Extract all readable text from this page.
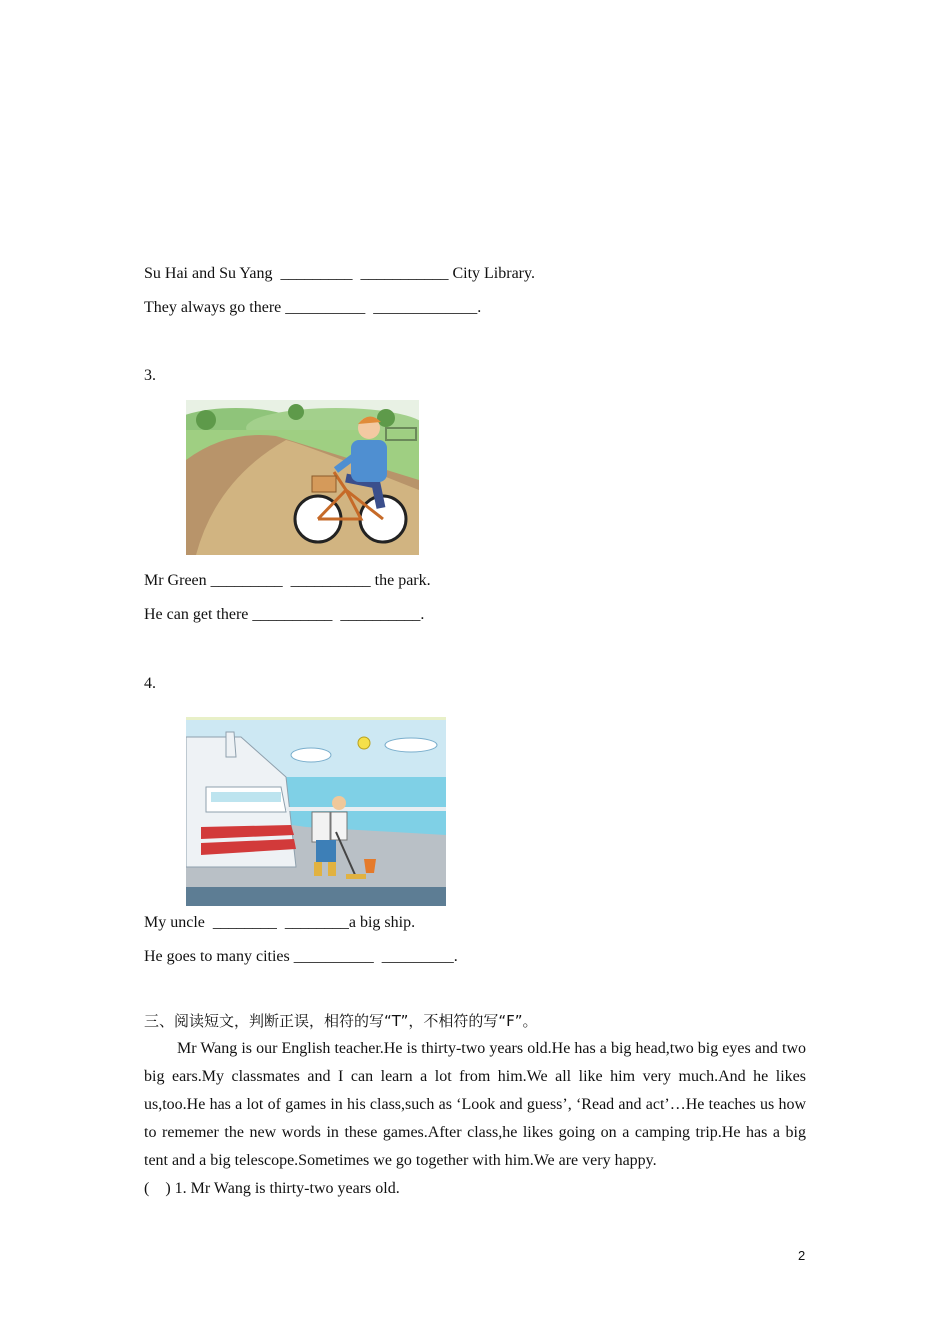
Su Hai and Su Yang  _________  ___________ City Library.
They always go there __________  _____________.
3.
Mr Green _________  __________ the park.
He can get there __________  __________.
4.
My uncle  ________  ________a big ship.
He goes to many cities __________  _________.
三、阅读短文，判断正误，相符的写“T”，不相符的写“F”。
Mr Wang is our English teacher.He is thirty-two years old.He has a big head,two big eyes and two big ears.My classmates and I can learn a lot from him.We all like him very much.And he likes us,too.He has a lot of games in his class,such as ‘Look and guess’, ‘Read and act’…He teaches us how to rememer the new words in these games.After class,he likes going on a camping trip.He has a big tent and a big telescope.Sometimes we go together with him.We are very happy.
(    ) 1. Mr Wang is thirty-two years old.
2
